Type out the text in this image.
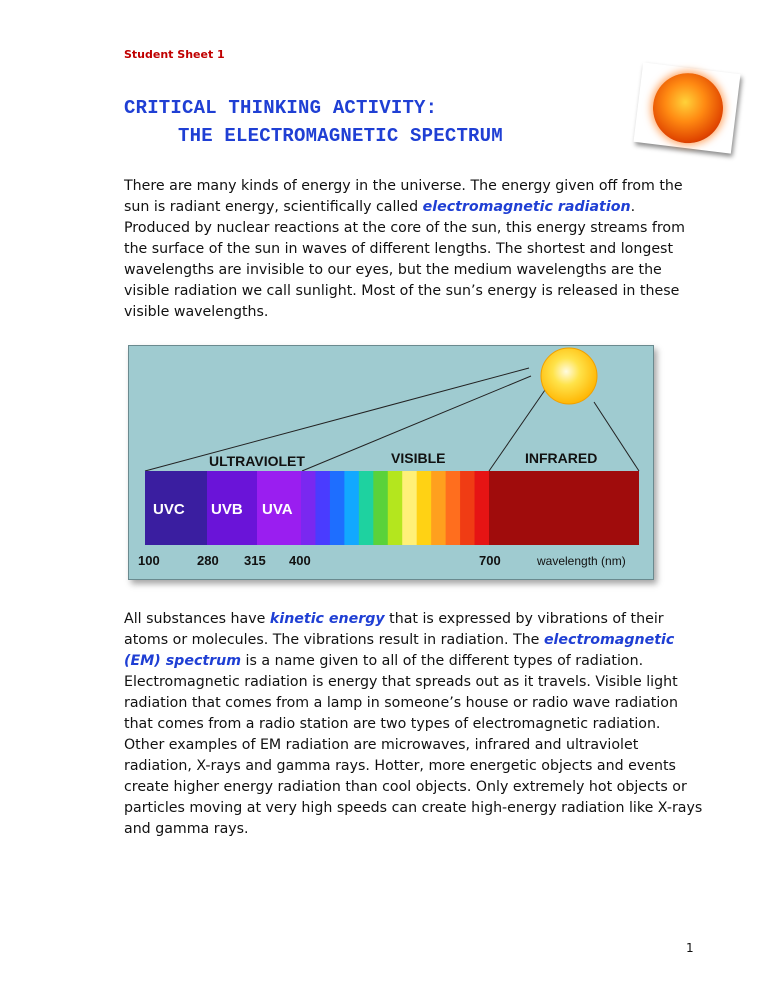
Student Sheet 1
CRITICAL THINKING ACTIVITY:
THE ELECTROMAGNETIC SPECTRUM

There are many kinds of energy in the universe. The energy given off from the sun is radiant energy, scientifically called electromagnetic radiation. Produced by nuclear reactions at the core of the sun, this energy streams from the surface of the sun in waves of different lengths. The shortest and longest wavelengths are invisible to our eyes, but the medium wavelengths are the visible radiation we call sunlight. Most of the sun’s energy is released in these visible wavelengths.

ULTRAVIOLET	VISIBLE	INFRARED
UVC UVB UVA
100	280 315 400	700	wavelength (nm)

All substances have kinetic energy that is expressed by vibrations of their atoms or molecules. The vibrations result in radiation. The electromagnetic (EM) spectrum is a name given to all of the different types of radiation. Electromagnetic radiation is energy that spreads out as it travels. Visible light radiation that comes from a lamp in someone’s house or radio wave radiation that comes from a radio station are two types of electromagnetic radiation. Other examples of EM radiation are microwaves, infrared and ultraviolet radiation, X-rays and gamma rays. Hotter, more energetic objects and events create higher energy radiation than cool objects. Only extremely hot objects or particles moving at very high speeds can create high-energy radiation like X-rays and gamma rays.

1
